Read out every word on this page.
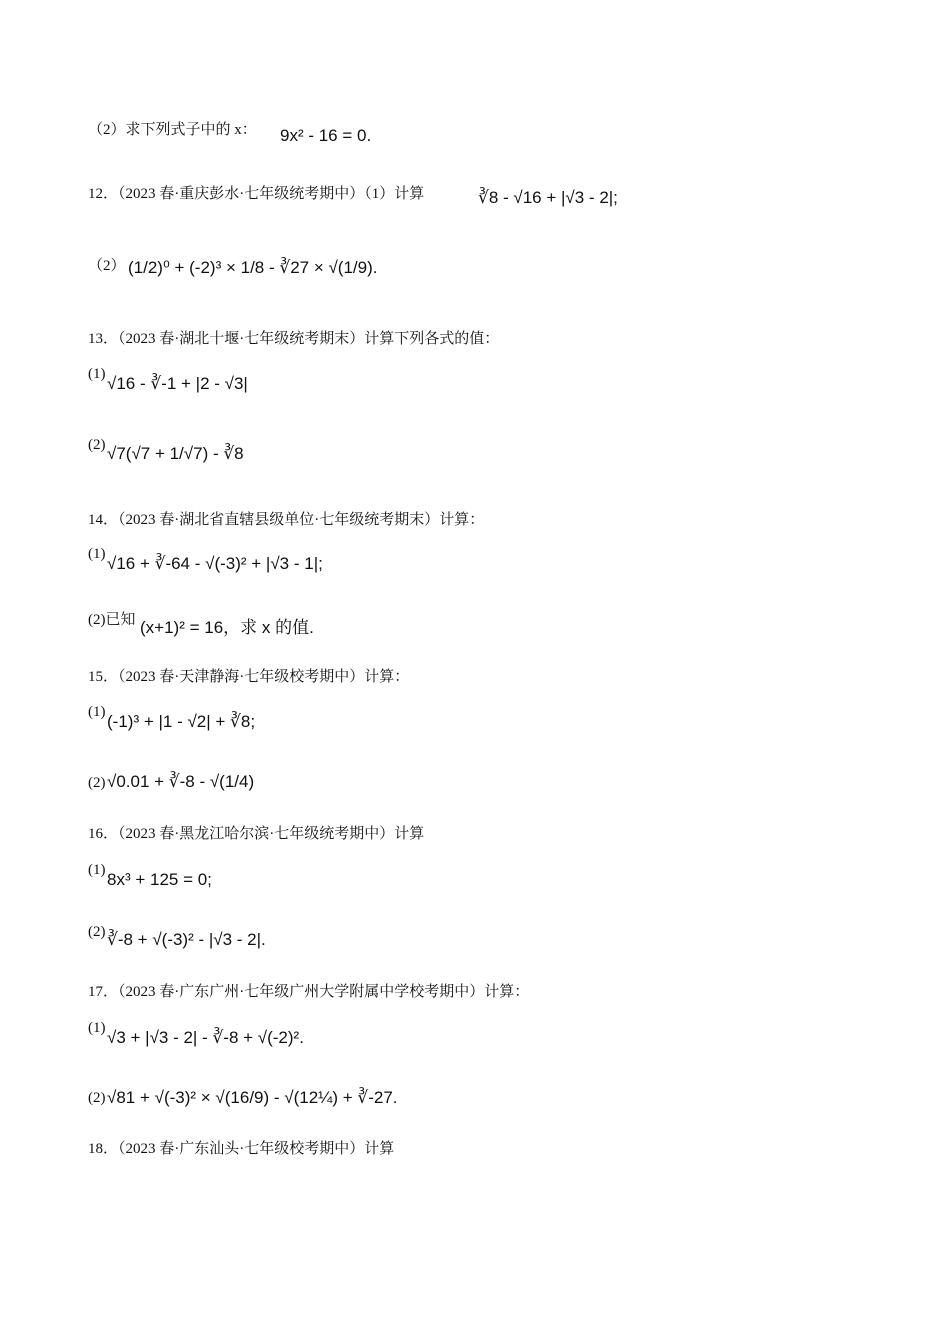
（2）求下列式子中的 x： 9x² - 16 = 0.
12．（2023 春·重庆彭水·七年级统考期中）（1）计算	∛8 - √16 + |√3 - 2|;
（2） (1/2)⁰ + (-2)³ × 1/8 - ∛27 × √(1/9).
13．（2023 春·湖北十堰·七年级统考期末）计算下列各式的值：
(1) √16 - ∛-1 + |2 - √3|
(2) √7(√7 + 1/√7) - ∛8
14．（2023 春·湖北省直辖县级单位·七年级统考期末）计算：
(1) √16 + ∛-64 - √(-3)² + |√3 - 1|;
(2)已知 (x+1)² = 16，求 x 的值.
15．（2023 春·天津静海·七年级校考期中）计算：
(1) (-1)³ + |1 - √2| + ∛8;
(2) √0.01 + ∛-8 - √(1/4)
16．（2023 春·黑龙江哈尔滨·七年级统考期中）计算
(1) 8x³ + 125 = 0;
(2) ∛-8 + √(-3)² - |√3 - 2|.
17．（2023 春·广东广州·七年级广州大学附属中学校考期中）计算：
(1) √3 + |√3 - 2| - ∛-8 + √(-2)².
(2) √81 + √(-3)² × √(16/9) - √(12¼) + ∛-27.
18．（2023 春·广东汕头·七年级校考期中）计算
